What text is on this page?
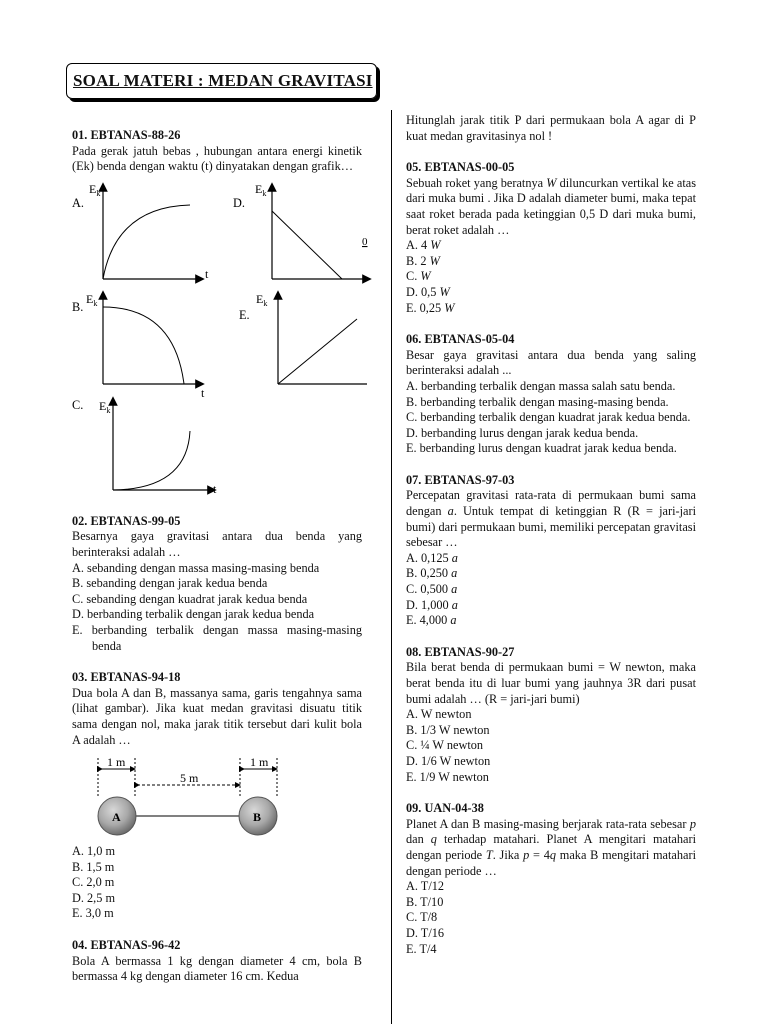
SOAL MATERI : MEDAN GRAVITASI
01. EBTANAS-88-26
Pada gerak jatuh bebas , hubungan antara energi kinetik (Ek) benda dengan waktu (t) dinyatakan dengan grafik…
A.
$E_k$
t
D.
$E_k$
0
B.
$E_k$
t
E.
$E_k$
C. $E_k$
t
02. EBTANAS-99-05
Besarnya gaya gravitasi antara dua benda yang berinteraksi adalah …
A. sebanding dengan massa masing-masing benda
B. sebanding dengan jarak kedua benda
C. sebanding dengan kuadrat jarak kedua benda
D. berbanding terbalik dengan jarak kedua benda
E. berbanding terbalik dengan massa masing-masing benda
03. EBTANAS-94-18
Dua bola A dan B, massanya sama, garis tengahnya sama (lihat gambar). Jika kuat medan gravitasi disuatu titik sama dengan nol, maka jarak titik tersebut dari kulit bola A adalah …
1 m
5 m
1 m
A	B
A. 1,0 m
B. 1,5 m
C. 2,0 m
D. 2,5 m
E. 3,0 m
04. EBTANAS-96-42
Bola A bermassa 1 kg dengan diameter 4 cm, bola B bermassa 4 kg dengan diameter 16 cm. Kedua
Hitunglah jarak titik P dari permukaan bola A agar di P kuat medan gravitasinya nol !
05. EBTANAS-00-05
Sebuah roket yang beratnya W diluncurkan vertikal ke atas dari muka bumi . Jika D adalah diameter bumi, maka tepat saat roket berada pada ketinggian 0,5 D dari muka bumi, berat roket adalah …
A. 4 W
B. 2 W
C. W
D. 0,5 W
E. 0,25 W
06. EBTANAS-05-04
Besar gaya gravitasi antara dua benda yang saling berinteraksi adalah ...
A. berbanding terbalik dengan massa salah satu benda.
B. berbanding terbalik dengan masing-masing benda.
C. berbanding terbalik dengan kuadrat jarak kedua benda.
D. berbanding lurus dengan jarak kedua benda.
E. berbanding lurus dengan kuadrat jarak kedua benda.
07. EBTANAS-97-03
Percepatan gravitasi rata-rata di permukaan bumi sama dengan a. Untuk tempat di ketinggian R (R = jari-jari bumi) dari permukaan bumi, memiliki percepatan gravitasi sebesar …
A. 0,125 a
B. 0,250 a
C. 0,500 a
D. 1,000 a
E. 4,000 a
08. EBTANAS-90-27
Bila berat benda di permukaan bumi = W newton, maka berat benda itu di luar bumi yang jauhnya 3R dari pusat bumi adalah … (R = jari-jari bumi)
A. W newton
B. 1/3 W newton
C. ¼ W newton
D. 1/6 W newton
E. 1/9 W newton
09. UAN-04-38
Planet A dan B masing-masing berjarak rata-rata sebesar p dan q terhadap matahari. Planet A mengitari matahari dengan periode T. Jika p = 4q maka B mengitari matahari dengan periode …
A. T/12
B. T/10
C. T/8
D. T/16
E. T/4
